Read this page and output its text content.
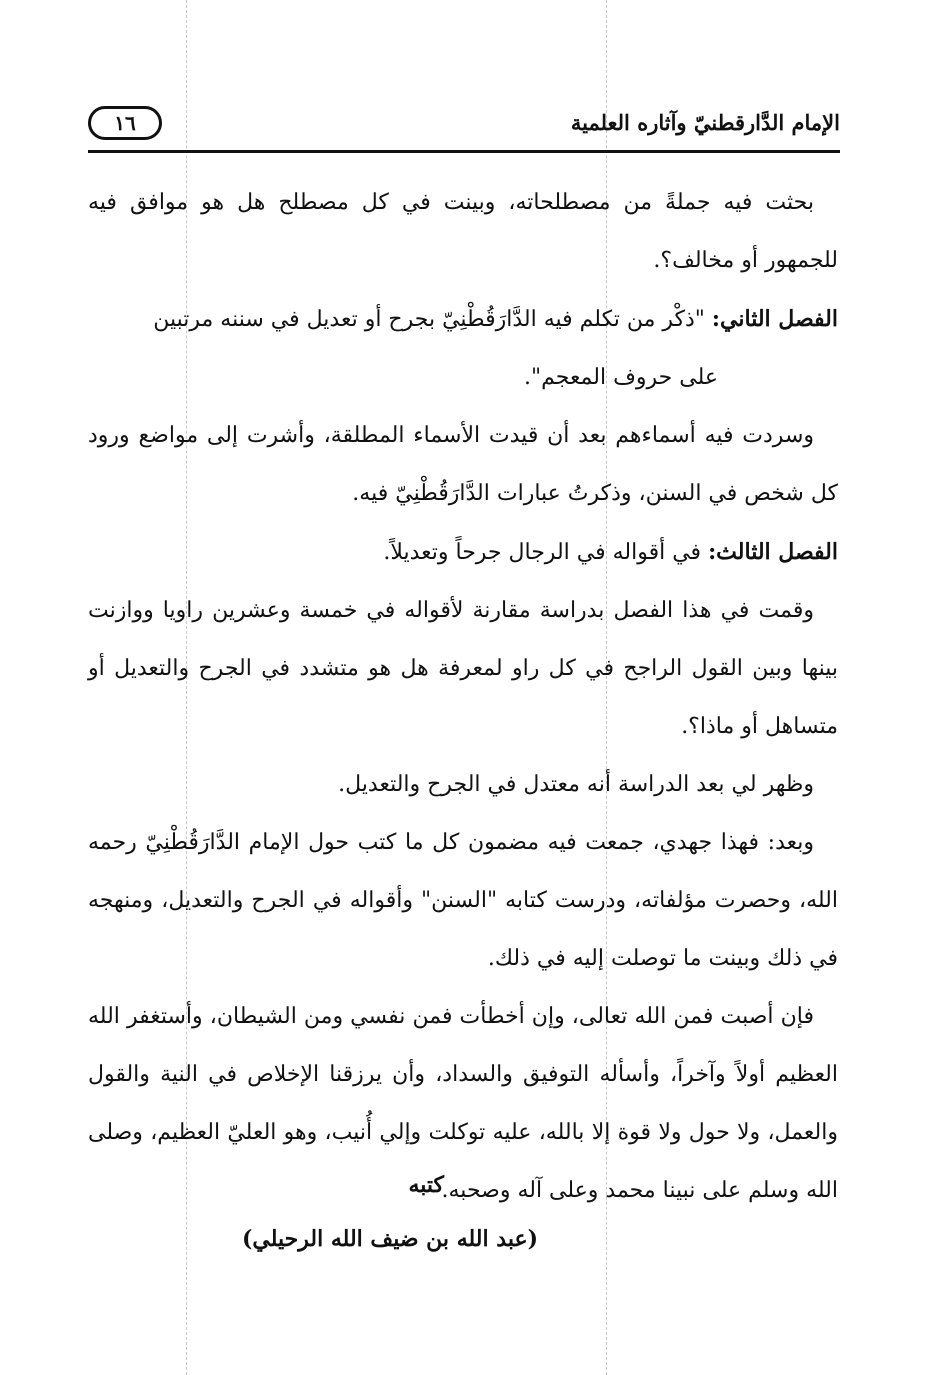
الإمام الدَّارقطنيّ وآثاره العلمية
١٦

بحثت فيه جملةً من مصطلحاته، وبينت في كل مصطلح هل هو موافق فيه للجمهور أو مخالف؟.

الفصل الثاني: "ذكْر من تكلم فيه الدَّارَقُطْنِيّ بجرح أو تعديل في سننه مرتبين

على حروف المعجم".

وسردت فيه أسماءهم بعد أن قيدت الأسماء المطلقة، وأشرت إلى مواضع ورود كل شخص في السنن، وذكرتُ عبارات الدَّارَقُطْنِيّ فيه.

الفصل الثالث: في أقواله في الرجال جرحاً وتعديلاً.

وقمت في هذا الفصل بدراسة مقارنة لأقواله في خمسة وعشرين راويا ووازنت بينها وبين القول الراجح في كل راو لمعرفة هل هو متشدد في الجرح والتعديل أو متساهل أو ماذا؟.

وظهر لي بعد الدراسة أنه معتدل في الجرح والتعديل.

وبعد: فهذا جهدي، جمعت فيه مضمون كل ما كتب حول الإمام الدَّارَقُطْنِيّ رحمه الله، وحصرت مؤلفاته، ودرست كتابه "السنن" وأقواله في الجرح والتعديل، ومنهجه في ذلك وبينت ما توصلت إليه في ذلك.

فإن أصبت فمن الله تعالى، وإن أخطأت فمن نفسي ومن الشيطان، وأستغفر الله العظيم أولاً وآخراً، وأسأله التوفيق والسداد، وأن يرزقنا الإخلاص في النية والقول والعمل، ولا حول ولا قوة إلا بالله، عليه توكلت وإلي أُنيب، وهو العليّ العظيم، وصلى الله وسلم على نبينا محمد وعلى آله وصحبه.

كتبه
(عبد الله بن ضيف الله الرحيلي)
